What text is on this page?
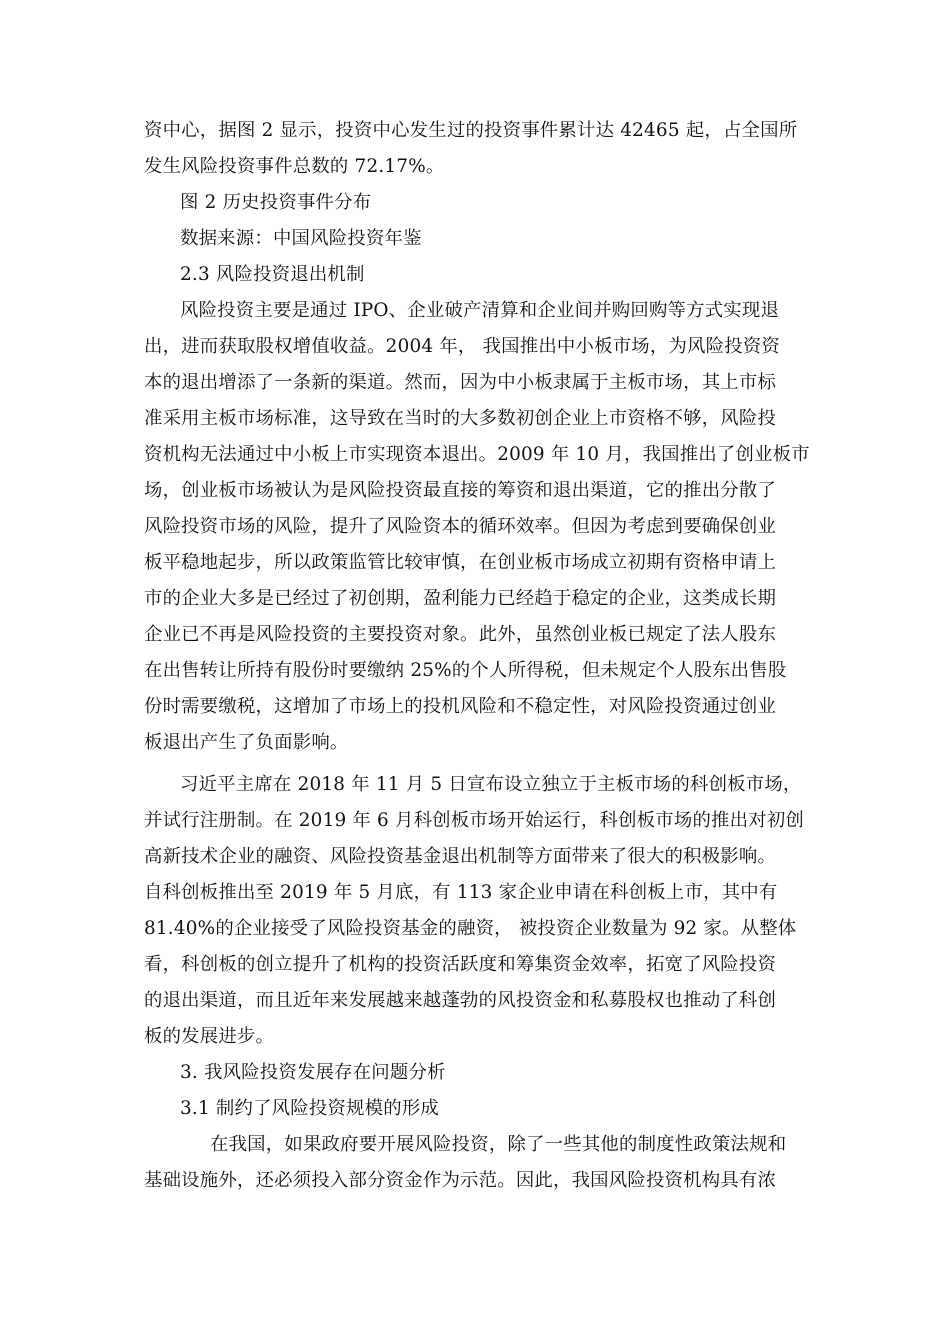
资中心，据图 2 显示，投资中心发生过的投资事件累计达 42465 起，占全国所
发生风险投资事件总数的 72.17%。
图 2 历史投资事件分布
数据来源：中国风险投资年鉴
2.3 风险投资退出机制
风险投资主要是通过 IPO、企业破产清算和企业间并购回购等方式实现退
出，进而获取股权增值收益。2004 年， 我国推出中小板市场，为风险投资资
本的退出增添了一条新的渠道。然而，因为中小板隶属于主板市场，其上市标
准采用主板市场标准，这导致在当时的大多数初创企业上市资格不够，风险投
资机构无法通过中小板上市实现资本退出。2009 年 10 月，我国推出了创业板市
场，创业板市场被认为是风险投资最直接的筹资和退出渠道，它的推出分散了
风险投资市场的风险，提升了风险资本的循环效率。但因为考虑到要确保创业
板平稳地起步，所以政策监管比较审慎，在创业板市场成立初期有资格申请上
市的企业大多是已经过了初创期，盈利能力已经趋于稳定的企业，这类成长期
企业已不再是风险投资的主要投资对象。此外，虽然创业板已规定了法人股东
在出售转让所持有股份时要缴纳 25%的个人所得税，但未规定个人股东出售股
份时需要缴税，这增加了市场上的投机风险和不稳定性，对风险投资通过创业
板退出产生了负面影响。
习近平主席在 2018 年 11 月 5 日宣布设立独立于主板市场的科创板市场，
并试行注册制。在 2019 年 6 月科创板市场开始运行，科创板市场的推出对初创
高新技术企业的融资、风险投资基金退出机制等方面带来了很大的积极影响。
自科创板推出至 2019 年 5 月底，有 113 家企业申请在科创板上市，其中有
81.40%的企业接受了风险投资基金的融资， 被投资企业数量为 92 家。从整体
看，科创板的创立提升了机构的投资活跃度和筹集资金效率，拓宽了风险投资
的退出渠道，而且近年来发展越来越蓬勃的风投资金和私募股权也推动了科创
板的发展进步。
3. 我风险投资发展存在问题分析
3.1 制约了风险投资规模的形成
在我国，如果政府要开展风险投资，除了一些其他的制度性政策法规和
基础设施外，还必须投入部分资金作为示范。因此，我国风险投资机构具有浓
